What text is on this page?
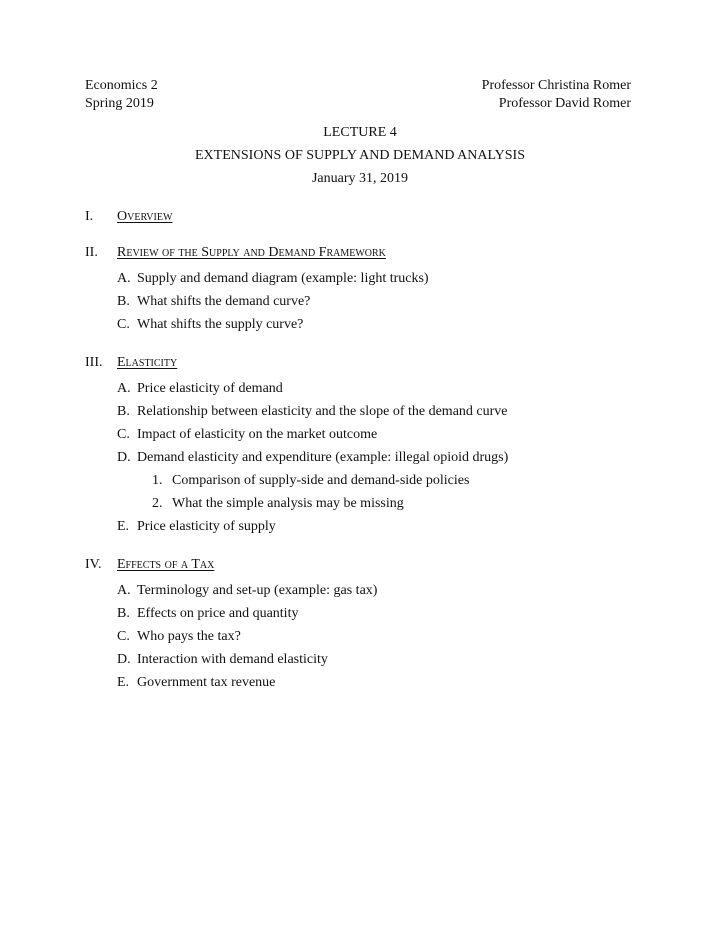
Economics 2	Professor Christina Romer
Spring 2019	Professor David Romer
LECTURE 4
EXTENSIONS OF SUPPLY AND DEMAND ANALYSIS
January 31, 2019
I.	Overview
II.	Review of the Supply and Demand Framework
A. Supply and demand diagram (example: light trucks)
B. What shifts the demand curve?
C. What shifts the supply curve?
III.	Elasticity
A. Price elasticity of demand
B. Relationship between elasticity and the slope of the demand curve
C. Impact of elasticity on the market outcome
D. Demand elasticity and expenditure (example: illegal opioid drugs)
1. Comparison of supply-side and demand-side policies
2. What the simple analysis may be missing
E. Price elasticity of supply
IV.	Effects of a Tax
A. Terminology and set-up (example: gas tax)
B. Effects on price and quantity
C. Who pays the tax?
D. Interaction with demand elasticity
E. Government tax revenue
